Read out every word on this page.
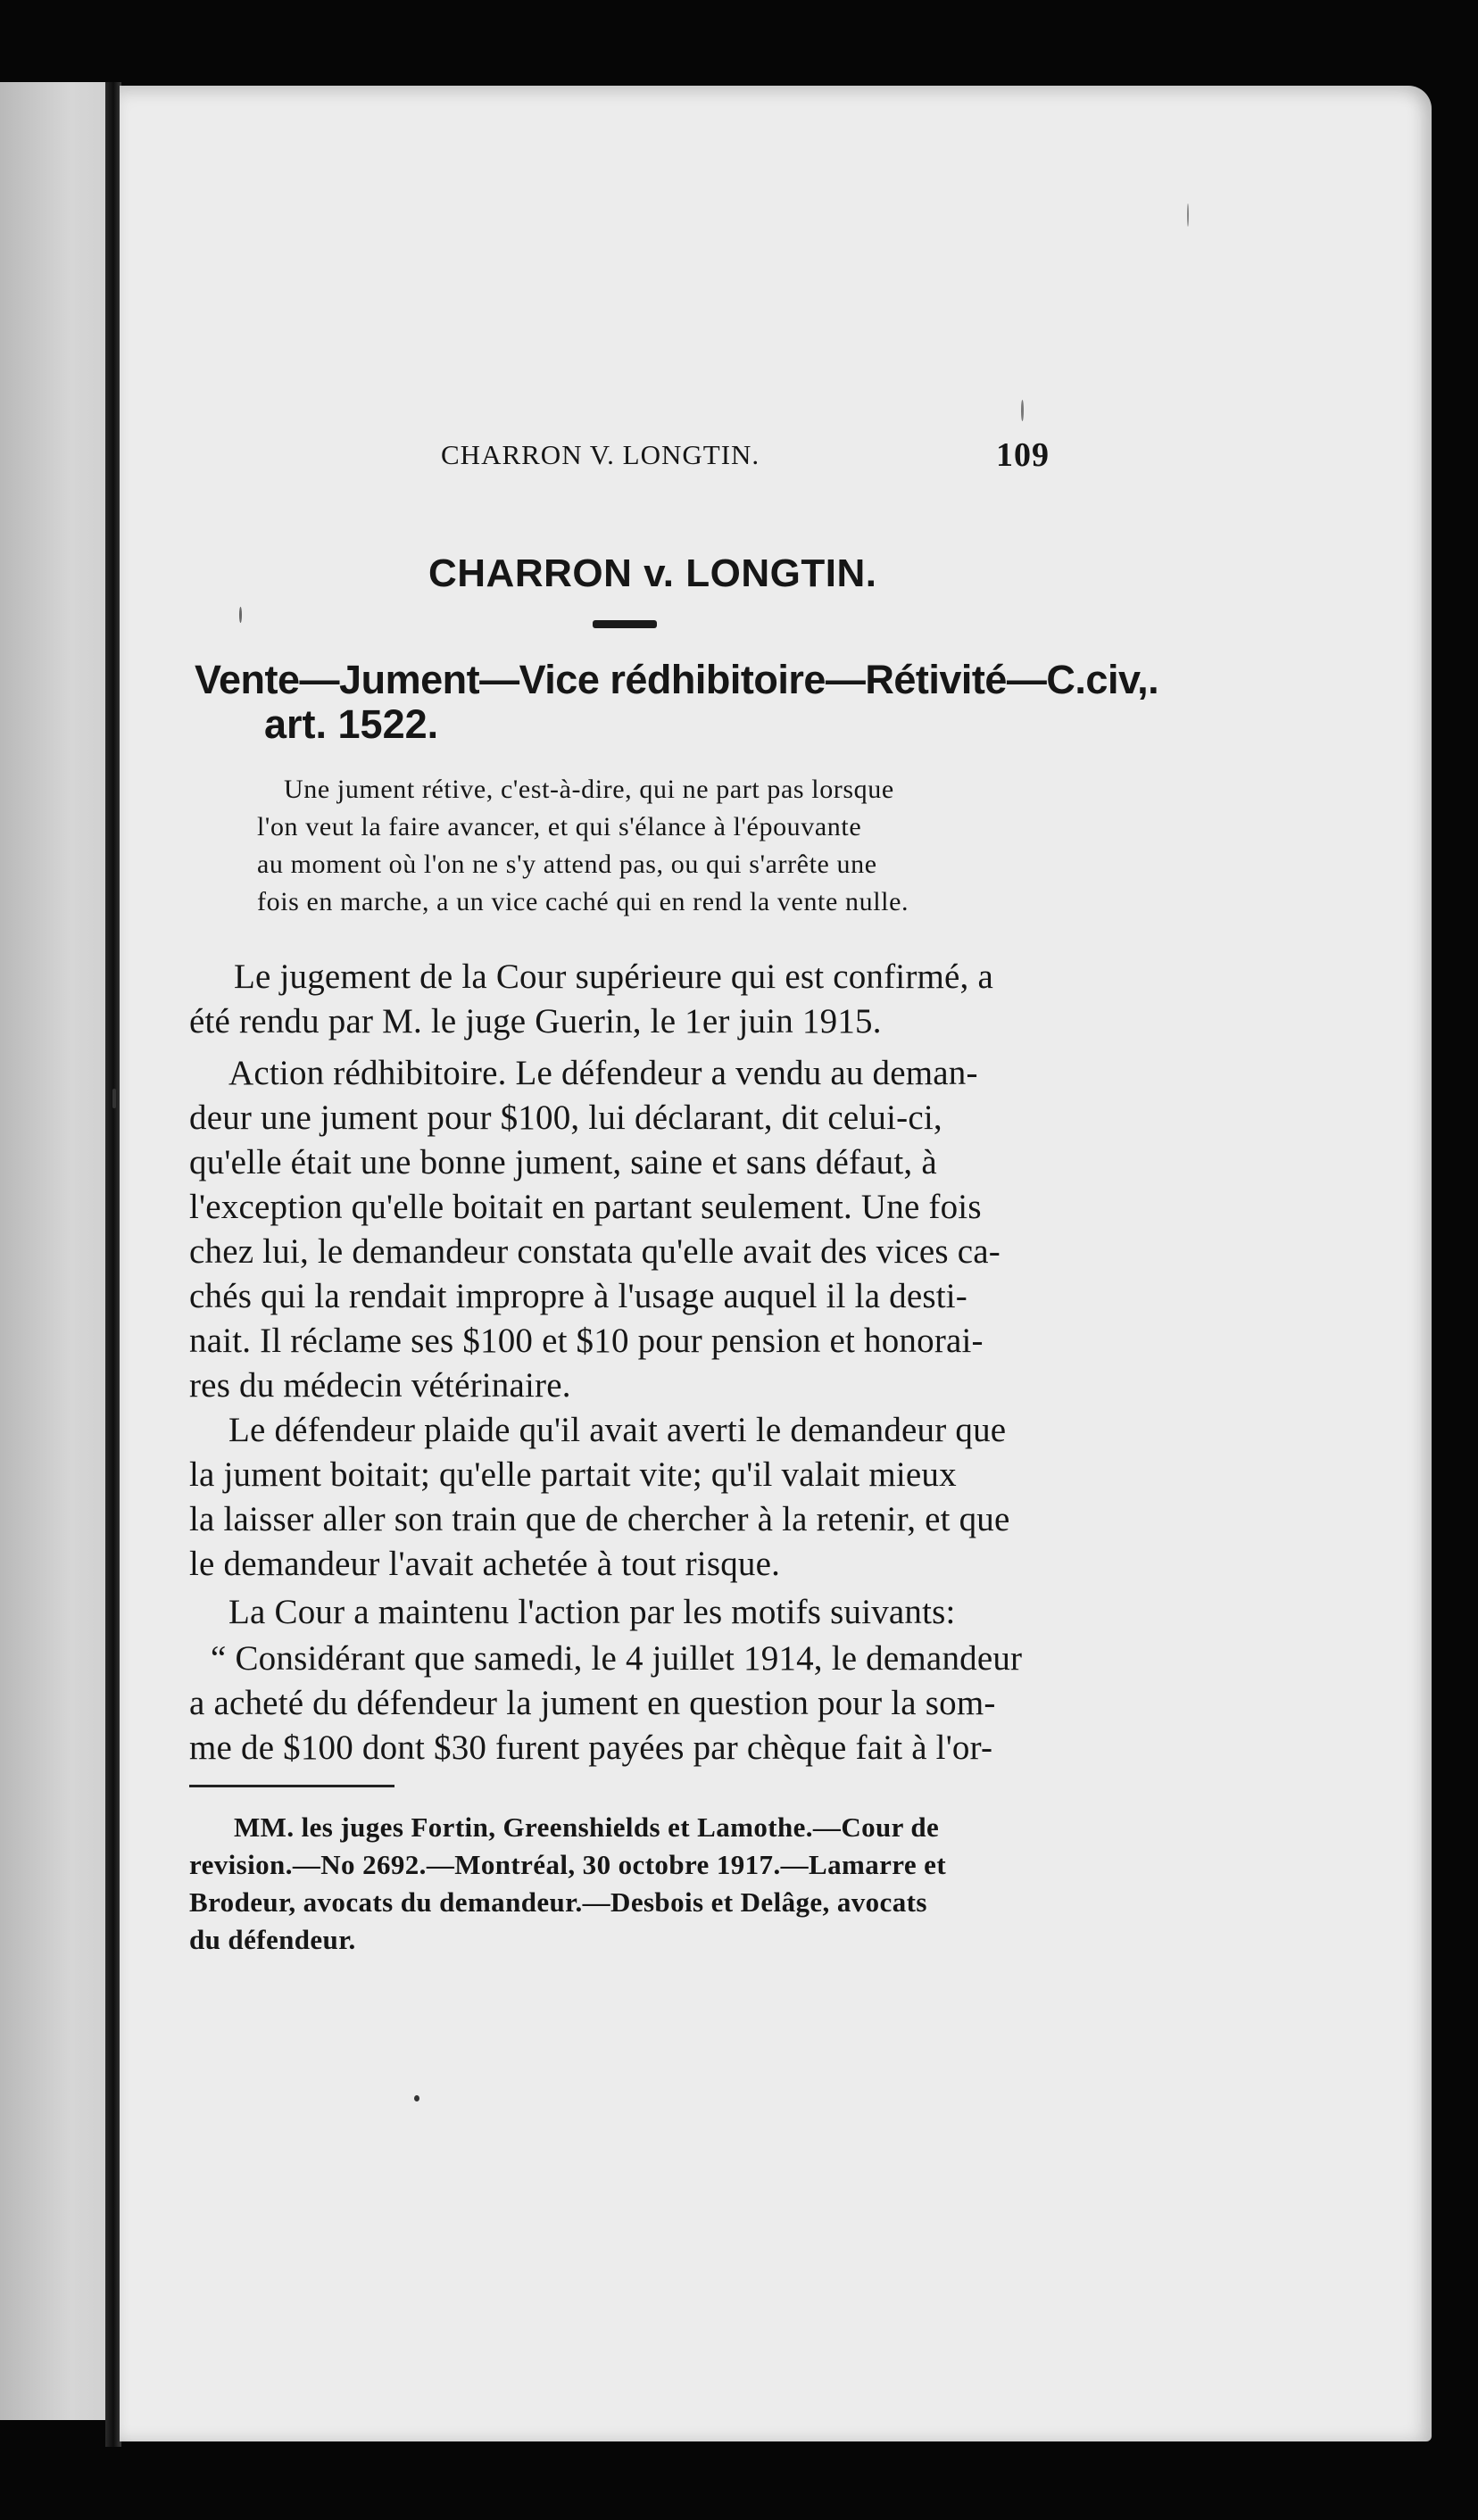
CHARRON V. LONGTIN.	109
CHARRON v. LONGTIN.
Vente—Jument—Vice rédhibitoire—Rétivité—C.civ,.
art. 1522.
Une jument rétive, c'est-à-dire, qui ne part pas lorsque
l'on veut la faire avancer, et qui s'élance à l'épouvante
au moment où l'on ne s'y attend pas, ou qui s'arrête une
fois en marche, a un vice caché qui en rend la vente nulle.
Le jugement de la Cour supérieure qui est confirmé, a
été rendu par M. le juge Guerin, le 1er juin 1915.
Action rédhibitoire. Le défendeur a vendu au deman-
deur une jument pour $100, lui déclarant, dit celui-ci,
qu'elle était une bonne jument, saine et sans défaut, à
l'exception qu'elle boitait en partant seulement. Une fois
chez lui, le demandeur constata qu'elle avait des vices ca-
chés qui la rendait impropre à l'usage auquel il la desti-
nait. Il réclame ses $100 et $10 pour pension et honorai-
res du médecin vétérinaire.
Le défendeur plaide qu'il avait averti le demandeur que
la jument boitait; qu'elle partait vite; qu'il valait mieux
la laisser aller son train que de chercher à la retenir, et que
le demandeur l'avait achetée à tout risque.
La Cour a maintenu l'action par les motifs suivants:
“ Considérant que samedi, le 4 juillet 1914, le demandeur
a acheté du défendeur la jument en question pour la som-
me de $100 dont $30 furent payées par chèque fait à l'or-
MM. les juges Fortin, Greenshields et Lamothe.—Cour de
revision.—No 2692.—Montréal, 30 octobre 1917.—Lamarre et
Brodeur, avocats du demandeur.—Desbois et Delâge, avocats
du défendeur.
